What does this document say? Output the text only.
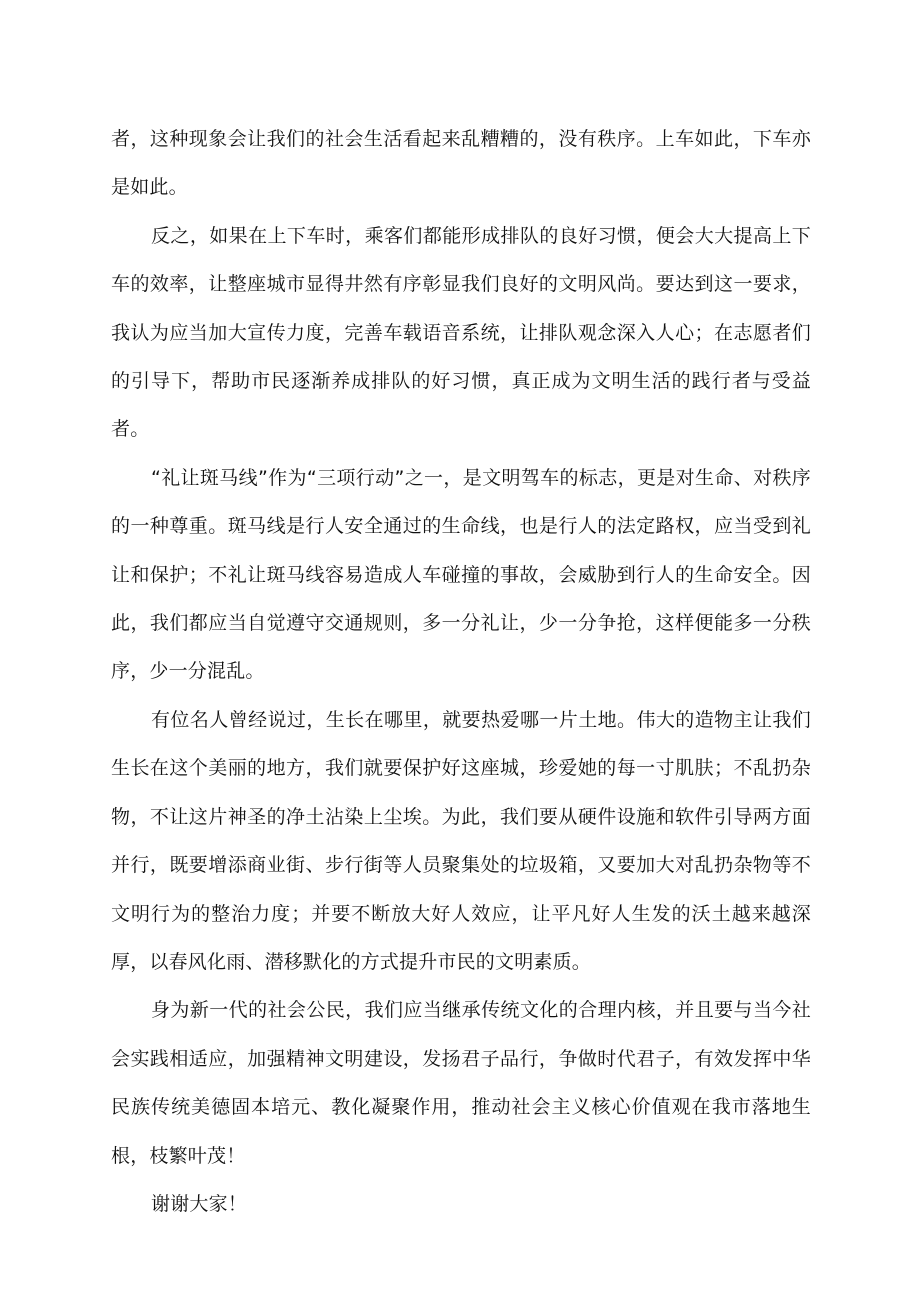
者，这种现象会让我们的社会生活看起来乱糟糟的，没有秩序。上车如此，下车亦是如此。

反之，如果在上下车时，乘客们都能形成排队的良好习惯，便会大大提高上下车的效率，让整座城市显得井然有序彰显我们良好的文明风尚。要达到这一要求，我认为应当加大宣传力度，完善车载语音系统，让排队观念深入人心；在志愿者们的引导下，帮助市民逐渐养成排队的好习惯，真正成为文明生活的践行者与受益者。

“礼让斑马线”作为“三项行动”之一，是文明驾车的标志，更是对生命、对秩序的一种尊重。斑马线是行人安全通过的生命线，也是行人的法定路权，应当受到礼让和保护；不礼让斑马线容易造成人车碰撞的事故，会威胁到行人的生命安全。因此，我们都应当自觉遵守交通规则，多一分礼让，少一分争抢，这样便能多一分秩序，少一分混乱。

有位名人曾经说过，生长在哪里，就要热爱哪一片土地。伟大的造物主让我们生长在这个美丽的地方，我们就要保护好这座城，珍爱她的每一寸肌肤；不乱扔杂物，不让这片神圣的净土沾染上尘埃。为此，我们要从硬件设施和软件引导两方面并行，既要增添商业街、步行街等人员聚集处的垃圾箱，又要加大对乱扔杂物等不文明行为的整治力度；并要不断放大好人效应，让平凡好人生发的沃土越来越深厚，以春风化雨、潜移默化的方式提升市民的文明素质。

身为新一代的社会公民，我们应当继承传统文化的合理内核，并且要与当今社会实践相适应，加强精神文明建设，发扬君子品行，争做时代君子，有效发挥中华民族传统美德固本培元、教化凝聚作用，推动社会主义核心价值观在我市落地生根，枝繁叶茂！

谢谢大家！
